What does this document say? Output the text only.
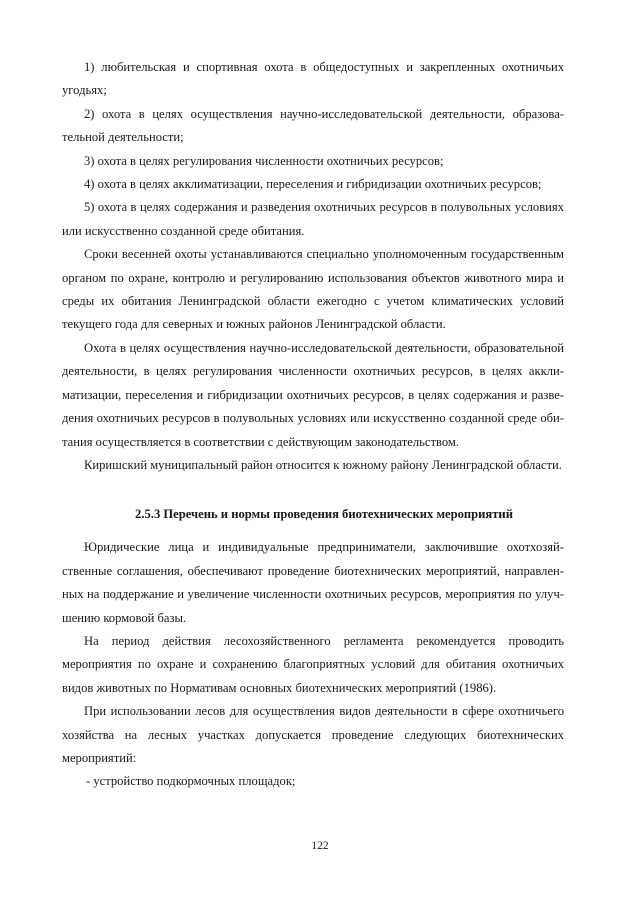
1) любительская и спортивная охота в общедоступных и закрепленных охотничьих угодьях;

2) охота в целях осуществления научно-исследовательской деятельности, образовательной деятельности;

3) охота в целях регулирования численности охотничьих ресурсов;

4) охота в целях акклиматизации, переселения и гибридизации охотничьих ресурсов;

5) охота в целях содержания и разведения охотничьих ресурсов в полувольных условиях или искусственно созданной среде обитания.

Сроки весенней охоты устанавливаются специально уполномоченным государственным органом по охране, контролю и регулированию использования объектов животного мира и среды их обитания Ленинградской области ежегодно с учетом климатических условий текущего года для северных и южных районов Ленинградской области.

Охота в целях осуществления научно-исследовательской деятельности, образовательной деятельности, в целях регулирования численности охотничьих ресурсов, в целях акклиматизации, переселения и гибридизации охотничьих ресурсов, в целях содержания и разведения охотничьих ресурсов в полувольных условиях или искусственно созданной среде обитания осуществляется в соответствии с действующим законодательством.

Киришский муниципальный район относится к южному району Ленинградской области.

2.5.3 Перечень и нормы проведения биотехнических мероприятий

Юридические лица и индивидуальные предприниматели, заключившие охотхозяйственные соглашения, обеспечивают проведение биотехнических мероприятий, направленных на поддержание и увеличение численности охотничьих ресурсов, мероприятия по улучшению кормовой базы.

На период действия лесохозяйственного регламента рекомендуется проводить мероприятия по охране и сохранению благоприятных условий для обитания охотничьих видов животных по Нормативам основных биотехнических мероприятий (1986).

При использовании лесов для осуществления видов деятельности в сфере охотничьего хозяйства на лесных участках допускается проведение следующих биотехнических мероприятий:

- устройство подкормочных площадок;

122
